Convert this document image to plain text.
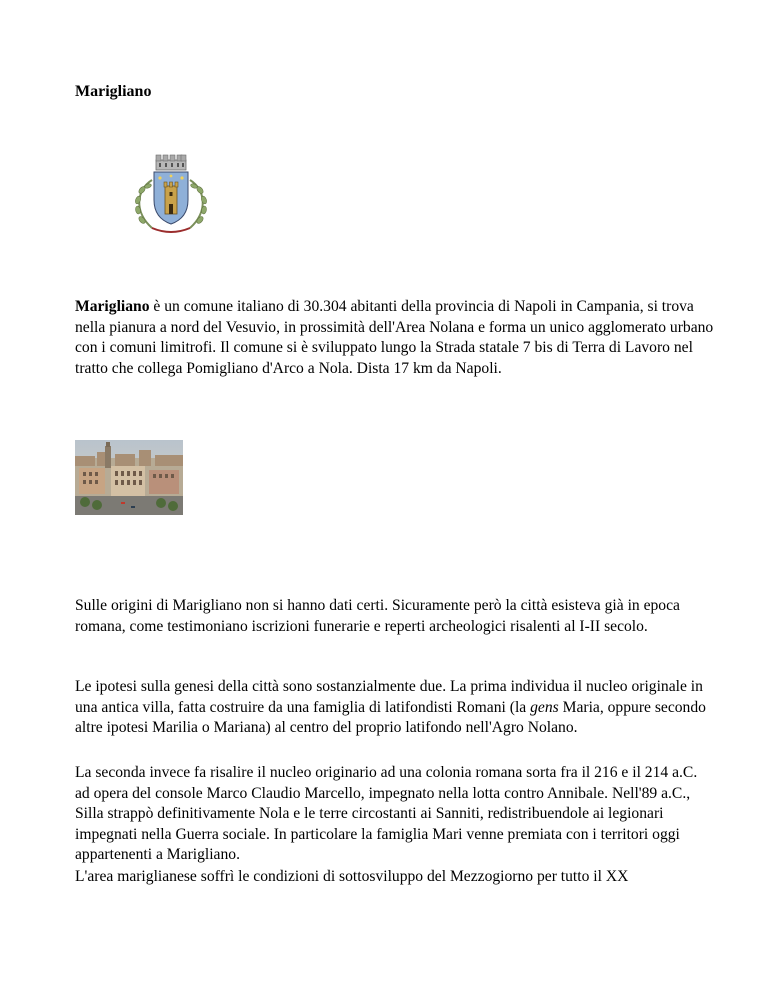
Marigliano

Marigliano è un comune italiano di 30.304 abitanti della provincia di Napoli in Campania, si trova nella pianura a nord del Vesuvio, in prossimità dell'Area Nolana e forma un unico agglomerato urbano con i comuni limitrofi. Il comune si è sviluppato lungo la Strada statale 7 bis di Terra di Lavoro nel tratto che collega Pomigliano d'Arco a Nola. Dista 17 km da Napoli.

Sulle origini di Marigliano non si hanno dati certi. Sicuramente però la città esisteva già in epoca romana, come testimoniano iscrizioni funerarie e reperti archeologici risalenti al I-II secolo.

Le ipotesi sulla genesi della città sono sostanzialmente due. La prima individua il nucleo originale in una antica villa, fatta costruire da una famiglia di latifondisti Romani (la gens Maria, oppure secondo altre ipotesi Marilia o Mariana) al centro del proprio latifondo nell'Agro Nolano.

La seconda invece fa risalire il nucleo originario ad una colonia romana sorta fra il 216 e il 214 a.C. ad opera del console Marco Claudio Marcello, impegnato nella lotta contro Annibale. Nell'89 a.C., Silla strappò definitivamente Nola e le terre circostanti ai Sanniti, redistribuendole ai legionari impegnati nella Guerra sociale. In particolare la famiglia Mari venne premiata con i territori oggi appartenenti a Marigliano.

L'area mariglianese soffrì le condizioni di sottosviluppo del Mezzogiorno per tutto il XX
